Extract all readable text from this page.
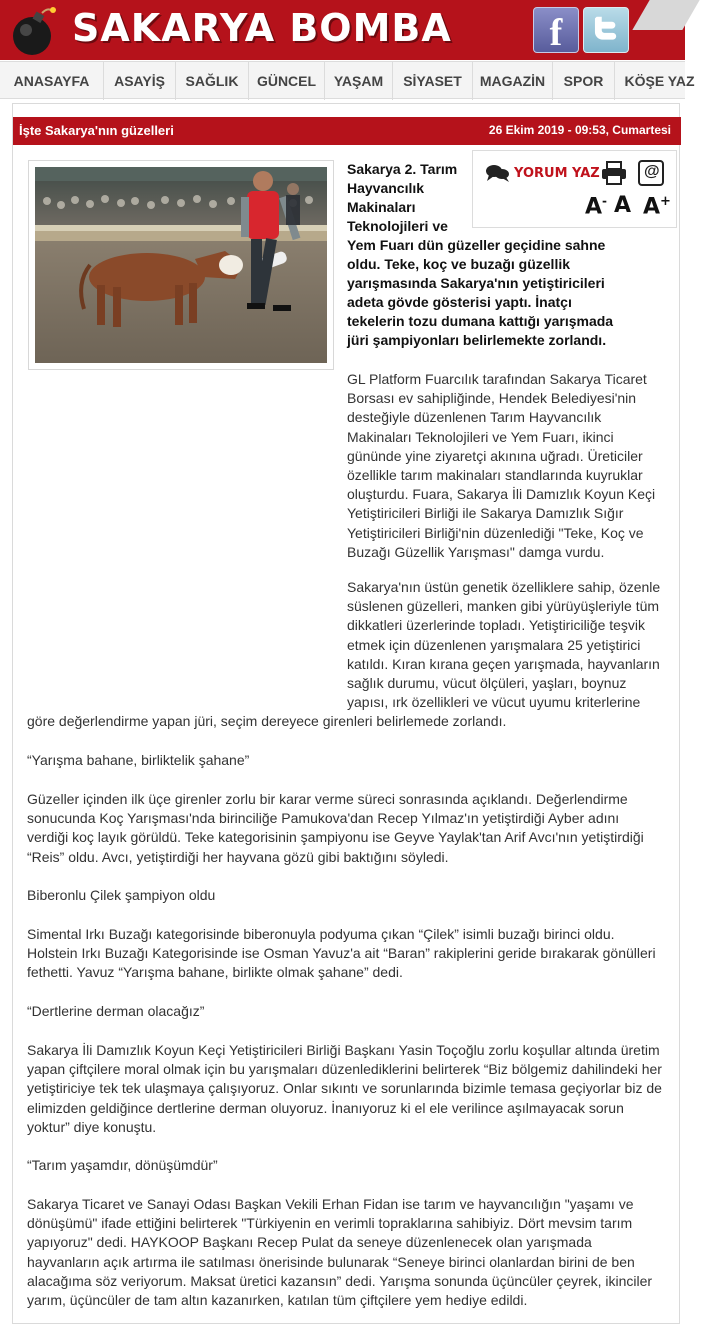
SAKARYA BOMBA	f
ANASAYFA	ASAYİŞ	SAĞLIK	GÜNCEL	YAŞAM	SİYASET	MAGAZİN	SPOR	KÖŞE YAZ
İşte Sakarya'nın güzelleri	26 Ekim 2019 - 09:53, Cumartesi
YORUM YAZ	@
A- A A+
Sakarya 2. Tarım
Hayvancılık
Makinaları
Teknolojileri ve
Yem Fuarı dün güzeller geçidine sahne
oldu. Teke, koç ve buzağı güzellik
yarışmasında Sakarya'nın yetiştiricileri
adeta gövde gösterisi yaptı. İnatçı
tekelerin tozu dumana kattığı yarışmada
jüri şampiyonları belirlemekte zorlandı.
GL Platform Fuarcılık tarafından Sakarya Ticaret
Borsası ev sahipliğinde, Hendek Belediyesi'nin
desteğiyle düzenlenen Tarım Hayvancılık
Makinaları Teknolojileri ve Yem Fuarı, ikinci
gününde yine ziyaretçi akınına uğradı. Üreticiler
özellikle tarım makinaları standlarında kuyruklar
oluşturdu. Fuara, Sakarya İli Damızlık Koyun Keçi
Yetiştiricileri Birliği ile Sakarya Damızlık Sığır
Yetiştiricileri Birliği'nin düzenlediği "Teke, Koç ve
Buzağı Güzellik Yarışması" damga vurdu.
Sakarya'nın üstün genetik özelliklere sahip, özenle
süslenen güzelleri, manken gibi yürüyüşleriyle tüm
dikkatleri üzerlerinde topladı. Yetiştiriciliğe teşvik
etmek için düzenlenen yarışmalara 25 yetiştirici
katıldı. Kıran kırana geçen yarışmada, hayvanların
sağlık durumu, vücut ölçüleri, yaşları, boynuz
yapısı, ırk özellikleri ve vücut uyumu kriterlerine
göre değerlendirme yapan jüri, seçim dereyece girenleri belirlemede zorlandı.
“Yarışma bahane, birliktelik şahane”
Güzeller içinden ilk üçe girenler zorlu bir karar verme süreci sonrasında açıklandı. Değerlendirme
sonucunda Koç Yarışması'nda birinciliğe Pamukova'dan Recep Yılmaz'ın yetiştirdiği Ayber adını
verdiği koç layık görüldü. Teke kategorisinin şampiyonu ise Geyve Yaylak'tan Arif Avcı'nın yetiştirdiği
“Reis” oldu. Avcı, yetiştirdiği her hayvana gözü gibi baktığını söyledi.
Biberonlu Çilek şampiyon oldu
Simental Irkı Buzağı kategorisinde biberonuyla podyuma çıkan “Çilek” isimli buzağı birinci oldu.
Holstein Irkı Buzağı Kategorisinde ise Osman Yavuz'a ait “Baran” rakiplerini geride bırakarak gönülleri
fethetti. Yavuz “Yarışma bahane, birlikte olmak şahane” dedi.
“Dertlerine derman olacağız”
Sakarya İli Damızlık Koyun Keçi Yetiştiricileri Birliği Başkanı Yasin Toçoğlu zorlu koşullar altında üretim
yapan çiftçilere moral olmak için bu yarışmaları düzenlediklerini belirterek “Biz bölgemiz dahilindeki her
yetiştiriciye tek tek ulaşmaya çalışıyoruz. Onlar sıkıntı ve sorunlarında bizimle temasa geçiyorlar biz de
elimizden geldiğince dertlerine derman oluyoruz. İnanıyoruz ki el ele verilince aşılmayacak sorun
yoktur” diye konuştu.
“Tarım yaşamdır, dönüşümdür”
Sakarya Ticaret ve Sanayi Odası Başkan Vekili Erhan Fidan ise tarım ve hayvancılığın "yaşamı ve
dönüşümü" ifade ettiğini belirterek "Türkiyenin en verimli topraklarına sahibiyiz. Dört mevsim tarım
yapıyoruz" dedi. HAYKOOP Başkanı Recep Pulat da seneye düzenlenecek olan yarışmada
hayvanların açık artırma ile satılması önerisinde bulunarak “Seneye birinci olanlardan birini de ben
alacağıma söz veriyorum. Maksat üretici kazansın” dedi. Yarışma sonunda üçüncüler çeyrek, ikinciler
yarım, üçüncüler de tam altın kazanırken, katılan tüm çiftçilere yem hediye edildi.
